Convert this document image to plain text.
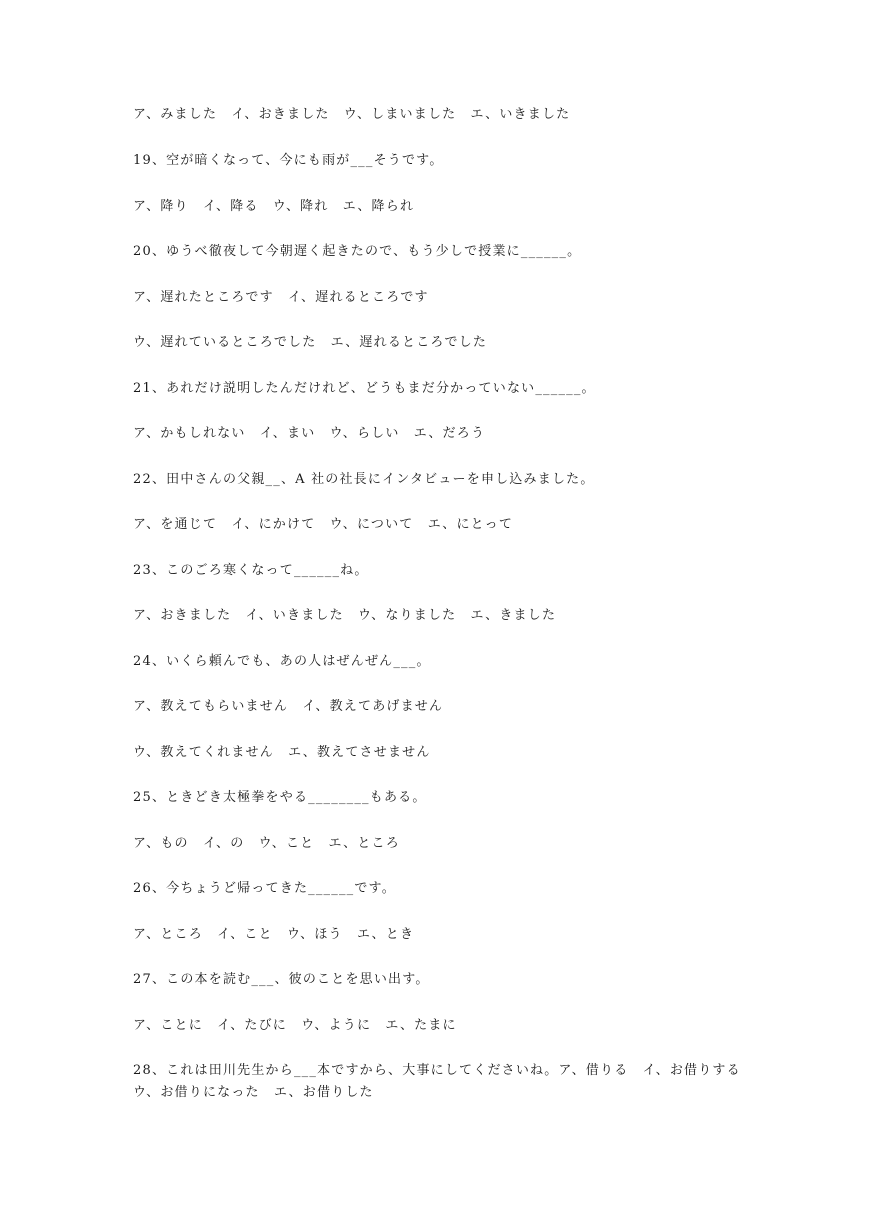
ア、みました　イ、おきました　ウ、しまいました　エ、いきました
19、空が暗くなって、今にも雨が___そうです。
ア、降り　イ、降る　ウ、降れ　エ、降られ
20、ゆうべ徹夜して今朝遅く起きたので、もう少しで授業に______。
ア、遅れたところです　イ、遅れるところです
ウ、遅れているところでした　エ、遅れるところでした
21、あれだけ説明したんだけれど、どうもまだ分かっていない______。
ア、かもしれない　イ、まい　ウ、らしい　エ、だろう
22、田中さんの父親__、A 社の社長にインタビューを申し込みました。
ア、を通じて　イ、にかけて　ウ、について　エ、にとって
23、このごろ寒くなって______ね。
ア、おきました　イ、いきました　ウ、なりました　エ、きました
24、いくら頼んでも、あの人はぜんぜん___。
ア、教えてもらいません　イ、教えてあげません
ウ、教えてくれません　エ、教えてさせません
25、ときどき太極拳をやる________もある。
ア、もの　イ、の　ウ、こと　エ、ところ
26、今ちょうど帰ってきた______です。
ア、ところ　イ、こと　ウ、ほう　エ、とき
27、この本を読む___、彼のことを思い出す。
ア、ことに　イ、たびに　ウ、ように　エ、たまに
28、これは田川先生から___本ですから、大事にしてくださいね。ア、借りる　イ、お借りする　ウ、お借りになった　エ、お借りした
